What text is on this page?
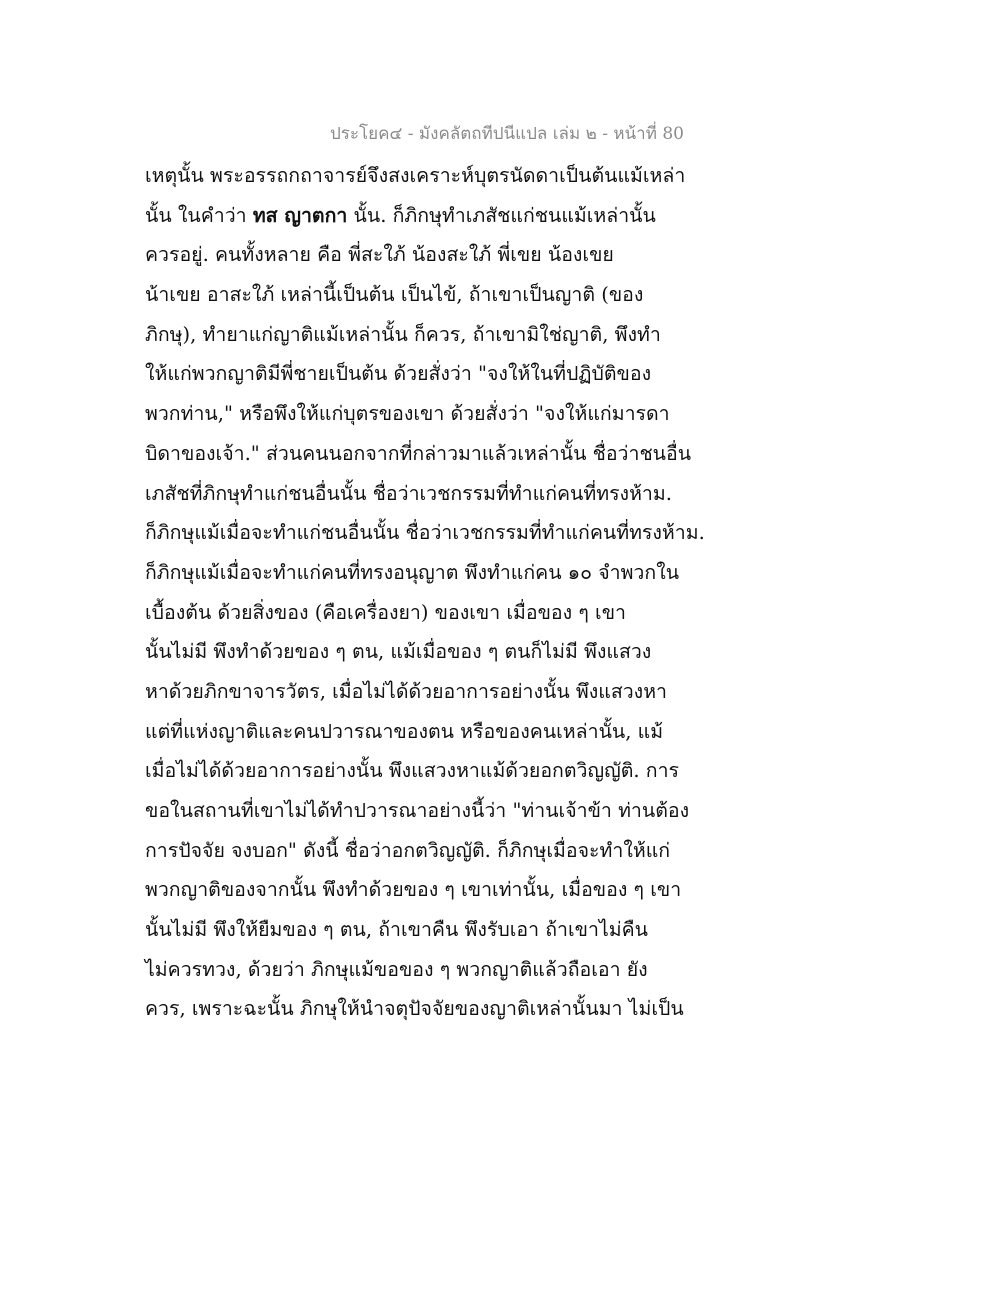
ประโยค๔ - มังคลัตถทีปนีแปล เล่ม ๒ - หน้าที่ 80
เหตุนั้น พระอรรถกถาจารย์จึงสงเคราะห์บุตรนัดดาเป็นต้นแม้เหล่า
นั้น ในคำว่า ทส ญาตกา นั้น. ก็ภิกษุทำเภสัชแก่ชนแม้เหล่านั้น
ควรอยู่. คนทั้งหลาย คือ พี่สะใภ้ น้องสะใภ้ พี่เขย น้องเขย
น้าเขย อาสะใภ้ เหล่านี้เป็นต้น เป็นไข้, ถ้าเขาเป็นญาติ (ของ
ภิกษุ), ทำยาแก่ญาติแม้เหล่านั้น ก็ควร, ถ้าเขามิใช่ญาติ, พึงทำ
ให้แก่พวกญาติมีพี่ชายเป็นต้น ด้วยสั่งว่า "จงให้ในที่ปฏิบัติของ
พวกท่าน," หรือพึงให้แก่บุตรของเขา ด้วยสั่งว่า "จงให้แก่มารดา
บิดาของเจ้า." ส่วนคนนอกจากที่กล่าวมาแล้วเหล่านั้น ชื่อว่าชนอื่น
เภสัชที่ภิกษุทำแก่ชนอื่นนั้น ชื่อว่าเวชกรรมที่ทำแก่คนที่ทรงห้าม.
ก็ภิกษุแม้เมื่อจะทำแก่ชนอื่นนั้น ชื่อว่าเวชกรรมที่ทำแก่คนที่ทรงห้าม.
ก็ภิกษุแม้เมื่อจะทำแก่คนที่ทรงอนุญาต พึงทำแก่คน ๑๐ จำพวกใน
เบื้องต้น ด้วยสิ่งของ (คือเครื่องยา) ของเขา เมื่อของ ๆ เขา
นั้นไม่มี พึงทำด้วยของ ๆ ตน, แม้เมื่อของ ๆ ตนก็ไม่มี พึงแสวง
หาด้วยภิกขาจารวัตร, เมื่อไม่ได้ด้วยอาการอย่างนั้น พึงแสวงหา
แต่ที่แห่งญาติและคนปวารณาของตน หรือของคนเหล่านั้น, แม้
เมื่อไม่ได้ด้วยอาการอย่างนั้น พึงแสวงหาแม้ด้วยอกตวิญญัติ. การ
ขอในสถานที่เขาไม่ได้ทำปวารณาอย่างนี้ว่า "ท่านเจ้าข้า ท่านต้อง
การปัจจัย จงบอก" ดังนี้ ชื่อว่าอกตวิญญัติ. ก็ภิกษุเมื่อจะทำให้แก่
พวกญาติของจากนั้น พึงทำด้วยของ ๆ เขาเท่านั้น, เมื่อของ ๆ เขา
นั้นไม่มี พึงให้ยืมของ ๆ ตน, ถ้าเขาคืน พึงรับเอา ถ้าเขาไม่คืน
ไม่ควรทวง, ด้วยว่า ภิกษุแม้ขอของ ๆ พวกญาติแล้วถือเอา ยัง
ควร, เพราะฉะนั้น ภิกษุให้นำจตุปัจจัยของญาติเหล่านั้นมา ไม่เป็น
